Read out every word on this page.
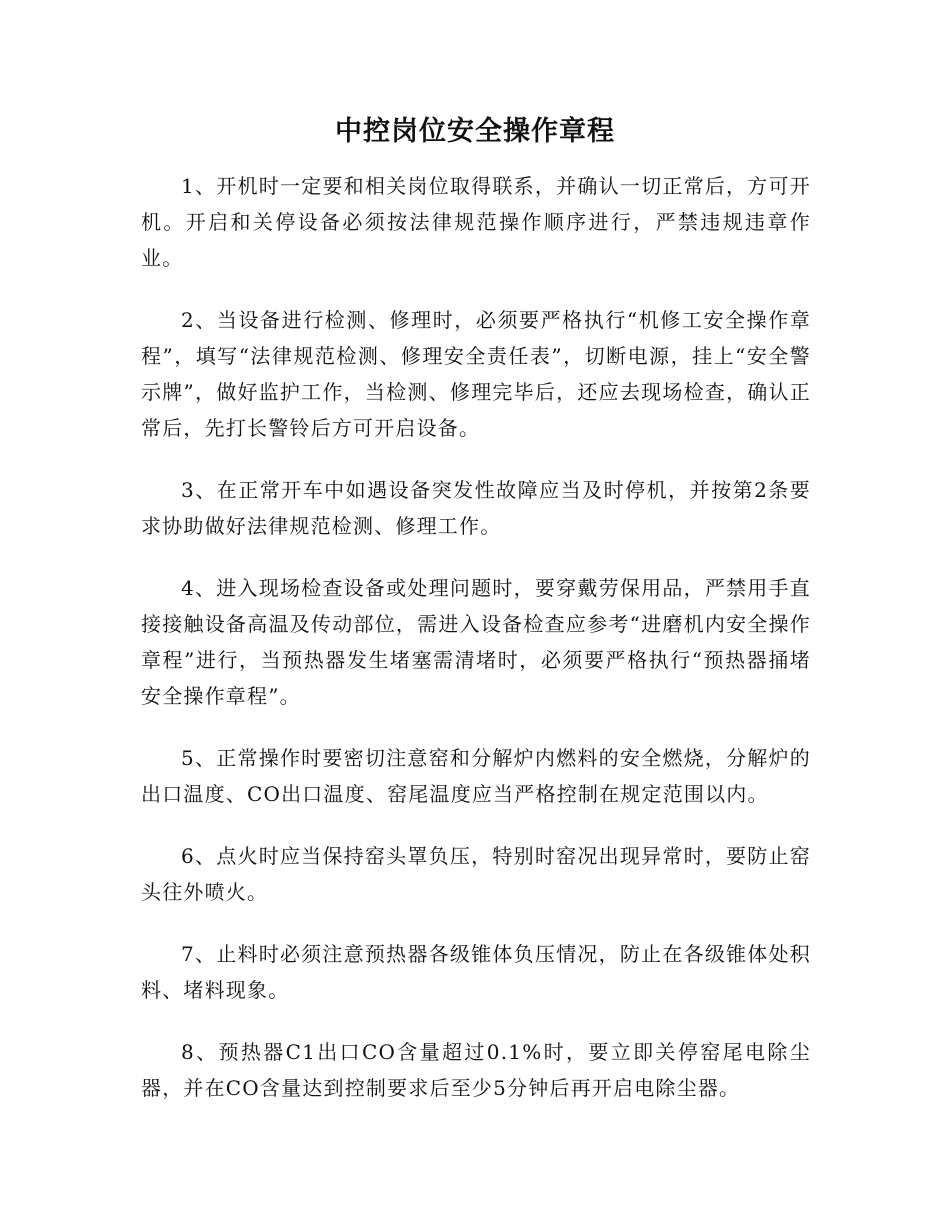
中控岗位安全操作章程

1、开机时一定要和相关岗位取得联系，并确认一切正常后，方可开机。开启和关停设备必须按法律规范操作顺序进行，严禁违规违章作业。

2、当设备进行检测、修理时，必须要严格执行“机修工安全操作章程”，填写“法律规范检测、修理安全责任表”，切断电源，挂上“安全警示牌”，做好监护工作，当检测、修理完毕后，还应去现场检查，确认正常后，先打长警铃后方可开启设备。

3、在正常开车中如遇设备突发性故障应当及时停机，并按第2条要求协助做好法律规范检测、修理工作。

4、进入现场检查设备或处理问题时，要穿戴劳保用品，严禁用手直接接触设备高温及传动部位，需进入设备检查应参考“进磨机内安全操作章程”进行，当预热器发生堵塞需清堵时，必须要严格执行“预热器捅堵安全操作章程”。

5、正常操作时要密切注意窑和分解炉内燃料的安全燃烧，分解炉的出口温度、CO出口温度、窑尾温度应当严格控制在规定范围以内。

6、点火时应当保持窑头罩负压，特别时窑况出现异常时，要防止窑头往外喷火。

7、止料时必须注意预热器各级锥体负压情况，防止在各级锥体处积料、堵料现象。

8、预热器C1出口CO含量超过0.1%时，要立即关停窑尾电除尘器，并在CO含量达到控制要求后至少5分钟后再开启电除尘器。
